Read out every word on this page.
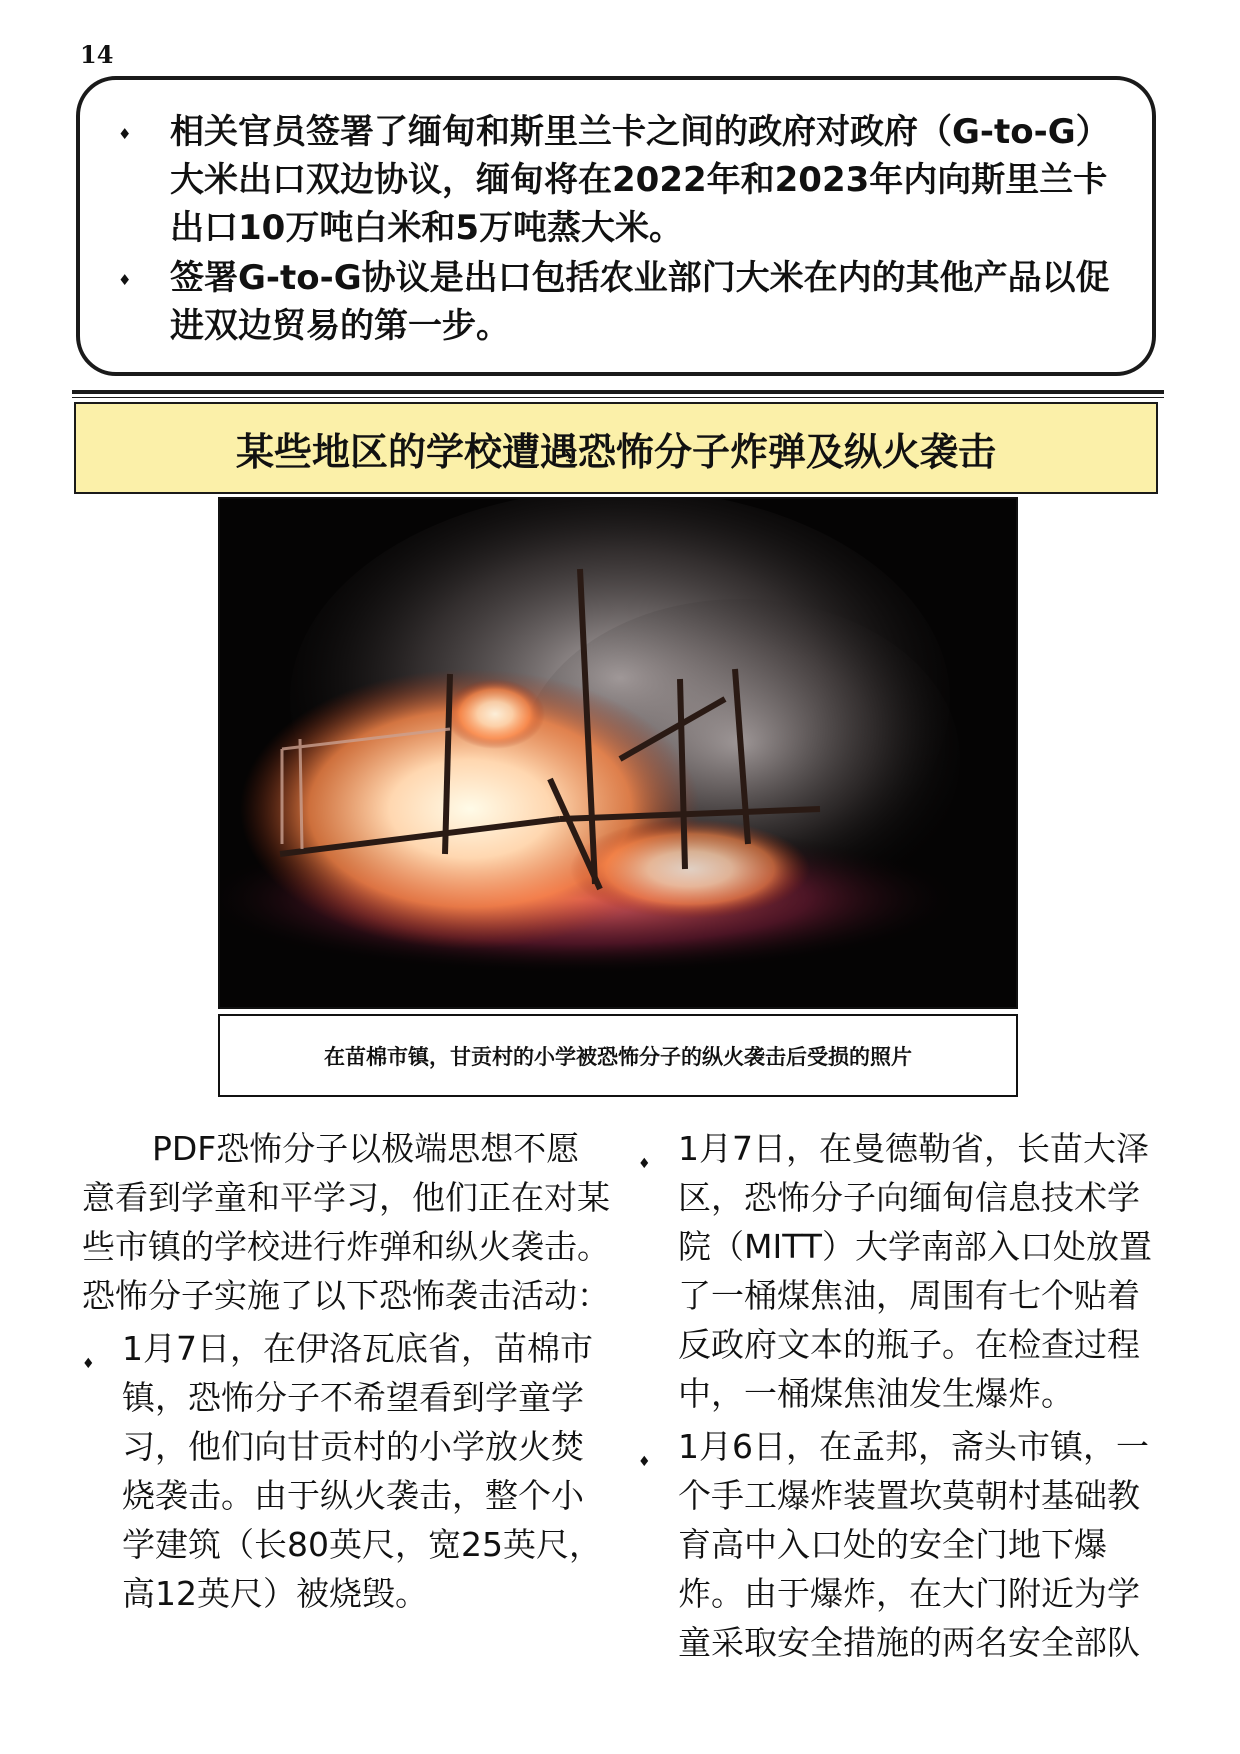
14
♦ 相关官员签署了缅甸和斯里兰卡之间的政府对政府（G-to-G）大米出口双边协议，缅甸将在2022年和2023年内向斯里兰卡出口10万吨白米和5万吨蒸大米。
♦ 签署G-to-G协议是出口包括农业部门大米在内的其他产品以促进双边贸易的第一步。
某些地区的学校遭遇恐怖分子炸弹及纵火袭击
在苗棉市镇，甘贡村的小学被恐怖分子的纵火袭击后受损的照片

PDF恐怖分子以极端思想不愿意看到学童和平学习，他们正在对某些市镇的学校进行炸弹和纵火袭击。恐怖分子实施了以下恐怖袭击活动：

♦ 1月7日，在伊洛瓦底省，苗棉市镇，恐怖分子不希望看到学童学习，他们向甘贡村的小学放火焚烧袭击。由于纵火袭击，整个小学建筑（长80英尺，宽25英尺，高12英尺）被烧毁。
♦ 1月7日，在曼德勒省，长苗大泽区，恐怖分子向缅甸信息技术学院（MITT）大学南部入口处放置了一桶煤焦油，周围有七个贴着反政府文本的瓶子。在检查过程中，一桶煤焦油发生爆炸。
♦ 1月6日，在孟邦，斋头市镇，一个手工爆炸装置坎莫朝村基础教育高中入口处的安全门地下爆炸。由于爆炸，在大门附近为学童采取安全措施的两名安全部队
